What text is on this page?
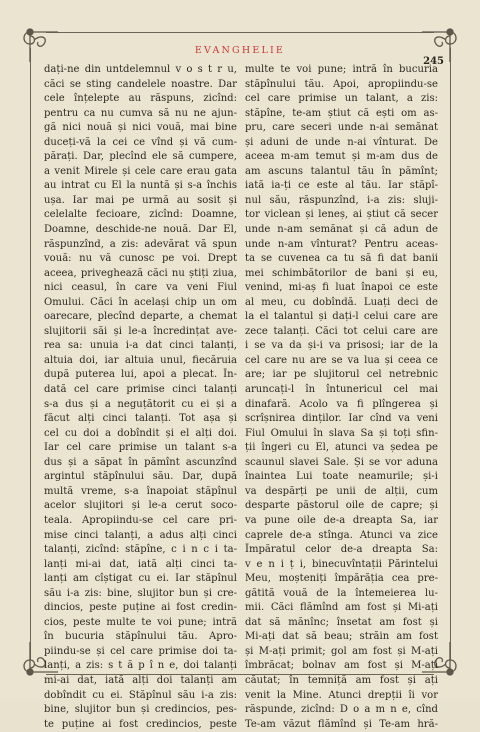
EVANGHELIE
245
dați-ne din untdelemnul v o s t r u,
căci se sting candelele noastre. Dar
cele înțelepte au răspuns, zicînd:
pentru ca nu cumva să nu ne ajun-
gă nici nouă și nici vouă, mai bine
duceți-vă la cei ce vînd și vă cum-
părați. Dar, plecînd ele să cumpere,
a venit Mirele și cele care erau gata
au intrat cu El la nuntă și s-a închis
ușa. Iar mai pe urmă au sosit și
celelalte fecioare, zicînd: Doamne,
Doamne, deschide-ne nouă. Dar El,
răspunzînd, a zis: adevărat vă spun
vouă: nu vă cunosc pe voi. Drept
aceea, priveghează căci nu știți ziua,
nici ceasul, în care va veni Fiul
Omului. Căci în același chip un om
oarecare, plecînd departe, a chemat
slujitorii săi și le-a încredințat ave-
rea sa: unuia i-a dat cinci talanți,
altuia doi, iar altuia unul, fiecăruia
după puterea lui, apoi a plecat. În-
dată cel care primise cinci talanți
s-a dus și a neguțătorit cu ei și a
făcut alți cinci talanți. Tot așa și
cel cu doi a dobîndit și el alți doi.
Iar cel care primise un talant s-a
dus și a săpat în pămînt ascunzînd
argintul stăpînului său. Dar, după
multă vreme, s-a înapoiat stăpînul
acelor slujitori și le-a cerut soco-
teala. Apropiindu-se cel care pri-
mise cinci talanți, a adus alți cinci
talanți, zicînd: stăpîne, c i n c i ta-
lanți mi-ai dat, iată alți cinci ta-
lanți am cîștigat cu ei. Iar stăpînul
său i-a zis: bine, slujitor bun și cre-
dincios, peste puține ai fost credin-
cios, peste multe te voi pune; intră
în bucuria stăpînului tău. Apro-
piindu-se și cel care primise doi ta-
lanți, a zis: s t ă p î n e, doi talanți
mi-ai dat, iată alți doi talanți am
dobîndit cu ei. Stăpînul său i-a zis:
bine, slujitor bun și credincios, pes-
te puține ai fost credincios, peste
multe te voi pune; intră în bucuria
stăpînului tău. Apoi, apropiindu-se
cel care primise un talant, a zis:
stăpîne, te-am știut că ești om as-
pru, care seceri unde n-ai semănat
și aduni de unde n-ai vînturat. De
aceea m-am temut și m-am dus de
am ascuns talantul tău în pămînt;
iată ia-ți ce este al tău. Iar stăpî-
nul său, răspunzînd, i-a zis: sluji-
tor viclean și leneș, ai știut că secer
unde n-am semănat și că adun de
unde n-am vînturat? Pentru aceas-
ta se cuvenea ca tu să fi dat banii
mei schimbătorilor de bani și eu,
venind, mi-aș fi luat înapoi ce este
al meu, cu dobîndă. Luați deci de
la el talantul și dați-l celui care are
zece talanți. Căci tot celui care are
i se va da și-i va prisosi; iar de la
cel care nu are se va lua și ceea ce
are; iar pe slujitorul cel netrebnic
aruncați-l în întunericul cel mai
dinafară. Acolo va fi plîngerea și
scrîșnirea dinților. Iar cînd va veni
Fiul Omului în slava Sa și toți sfin-
ții îngeri cu El, atunci va ședea pe
scaunul slavei Sale. Și se vor aduna
înaintea Lui toate neamurile; și-i
va despărți pe unii de alții, cum
desparte păstorul oile de capre; și
va pune oile de-a dreapta Sa, iar
caprele de-a stînga. Atunci va zice
Împăratul celor de-a dreapta Sa:
v e n i ț i, binecuvîntații Părintelui
Meu, moșteniți împărăția cea pre-
gătită vouă de la întemeierea lu-
mii. Căci flămînd am fost și Mi-ați
dat să mănînc; însetat am fost și
Mi-ați dat să beau; străin am fost
și M-ați primit; gol am fost și M-ați
îmbrăcat; bolnav am fost și M-ați
căutat; în temniță am fost și ați
venit la Mine. Atunci drepții îi vor
răspunde, zicînd: D o a m n e, cînd
Te-am văzut flămînd și Te-am hră-
